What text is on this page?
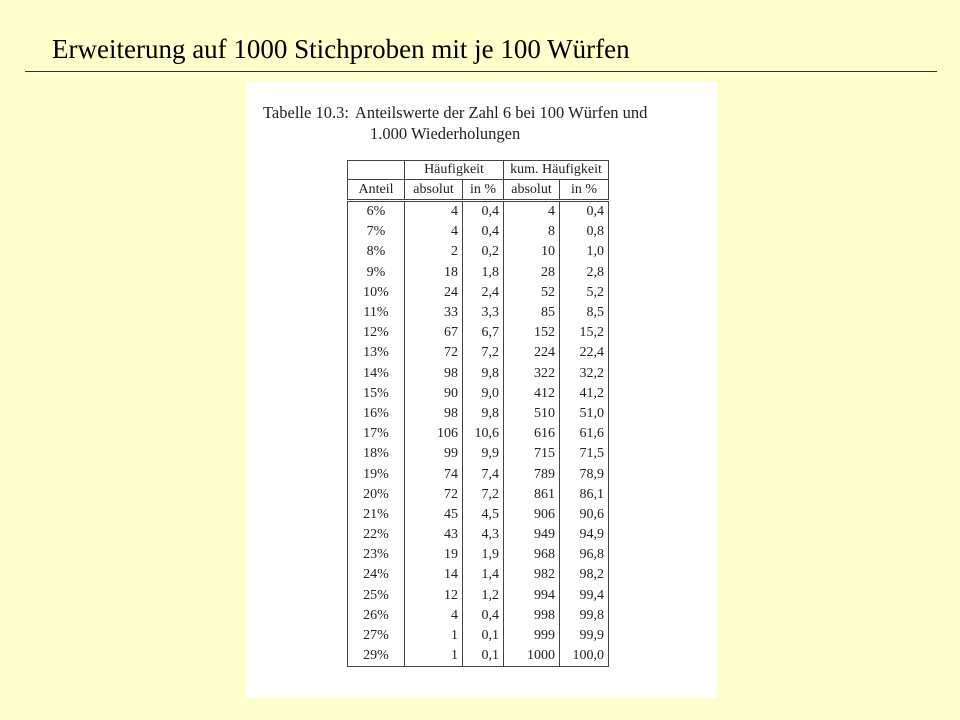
Erweiterung auf 1000 Stichproben mit je 100 Würfen
Tabelle 10.3: Anteilswerte der Zahl 6 bei 100 Würfen und
1.000 Wiederholungen
	Häufigkeit		kum. Häufigkeit	
Anteil	absolut	in %	absolut	in %
6%	4	0,4	4	0,4
7%	4	0,4	8	0,8
8%	2	0,2	10	1,0
9%	18	1,8	28	2,8
10%	24	2,4	52	5,2
11%	33	3,3	85	8,5
12%	67	6,7	152	15,2
13%	72	7,2	224	22,4
14%	98	9,8	322	32,2
15%	90	9,0	412	41,2
16%	98	9,8	510	51,0
17%	106	10,6	616	61,6
18%	99	9,9	715	71,5
19%	74	7,4	789	78,9
20%	72	7,2	861	86,1
21%	45	4,5	906	90,6
22%	43	4,3	949	94,9
23%	19	1,9	968	96,8
24%	14	1,4	982	98,2
25%	12	1,2	994	99,4
26%	4	0,4	998	99,8
27%	1	0,1	999	99,9
29%	1	0,1	1000	100,0
